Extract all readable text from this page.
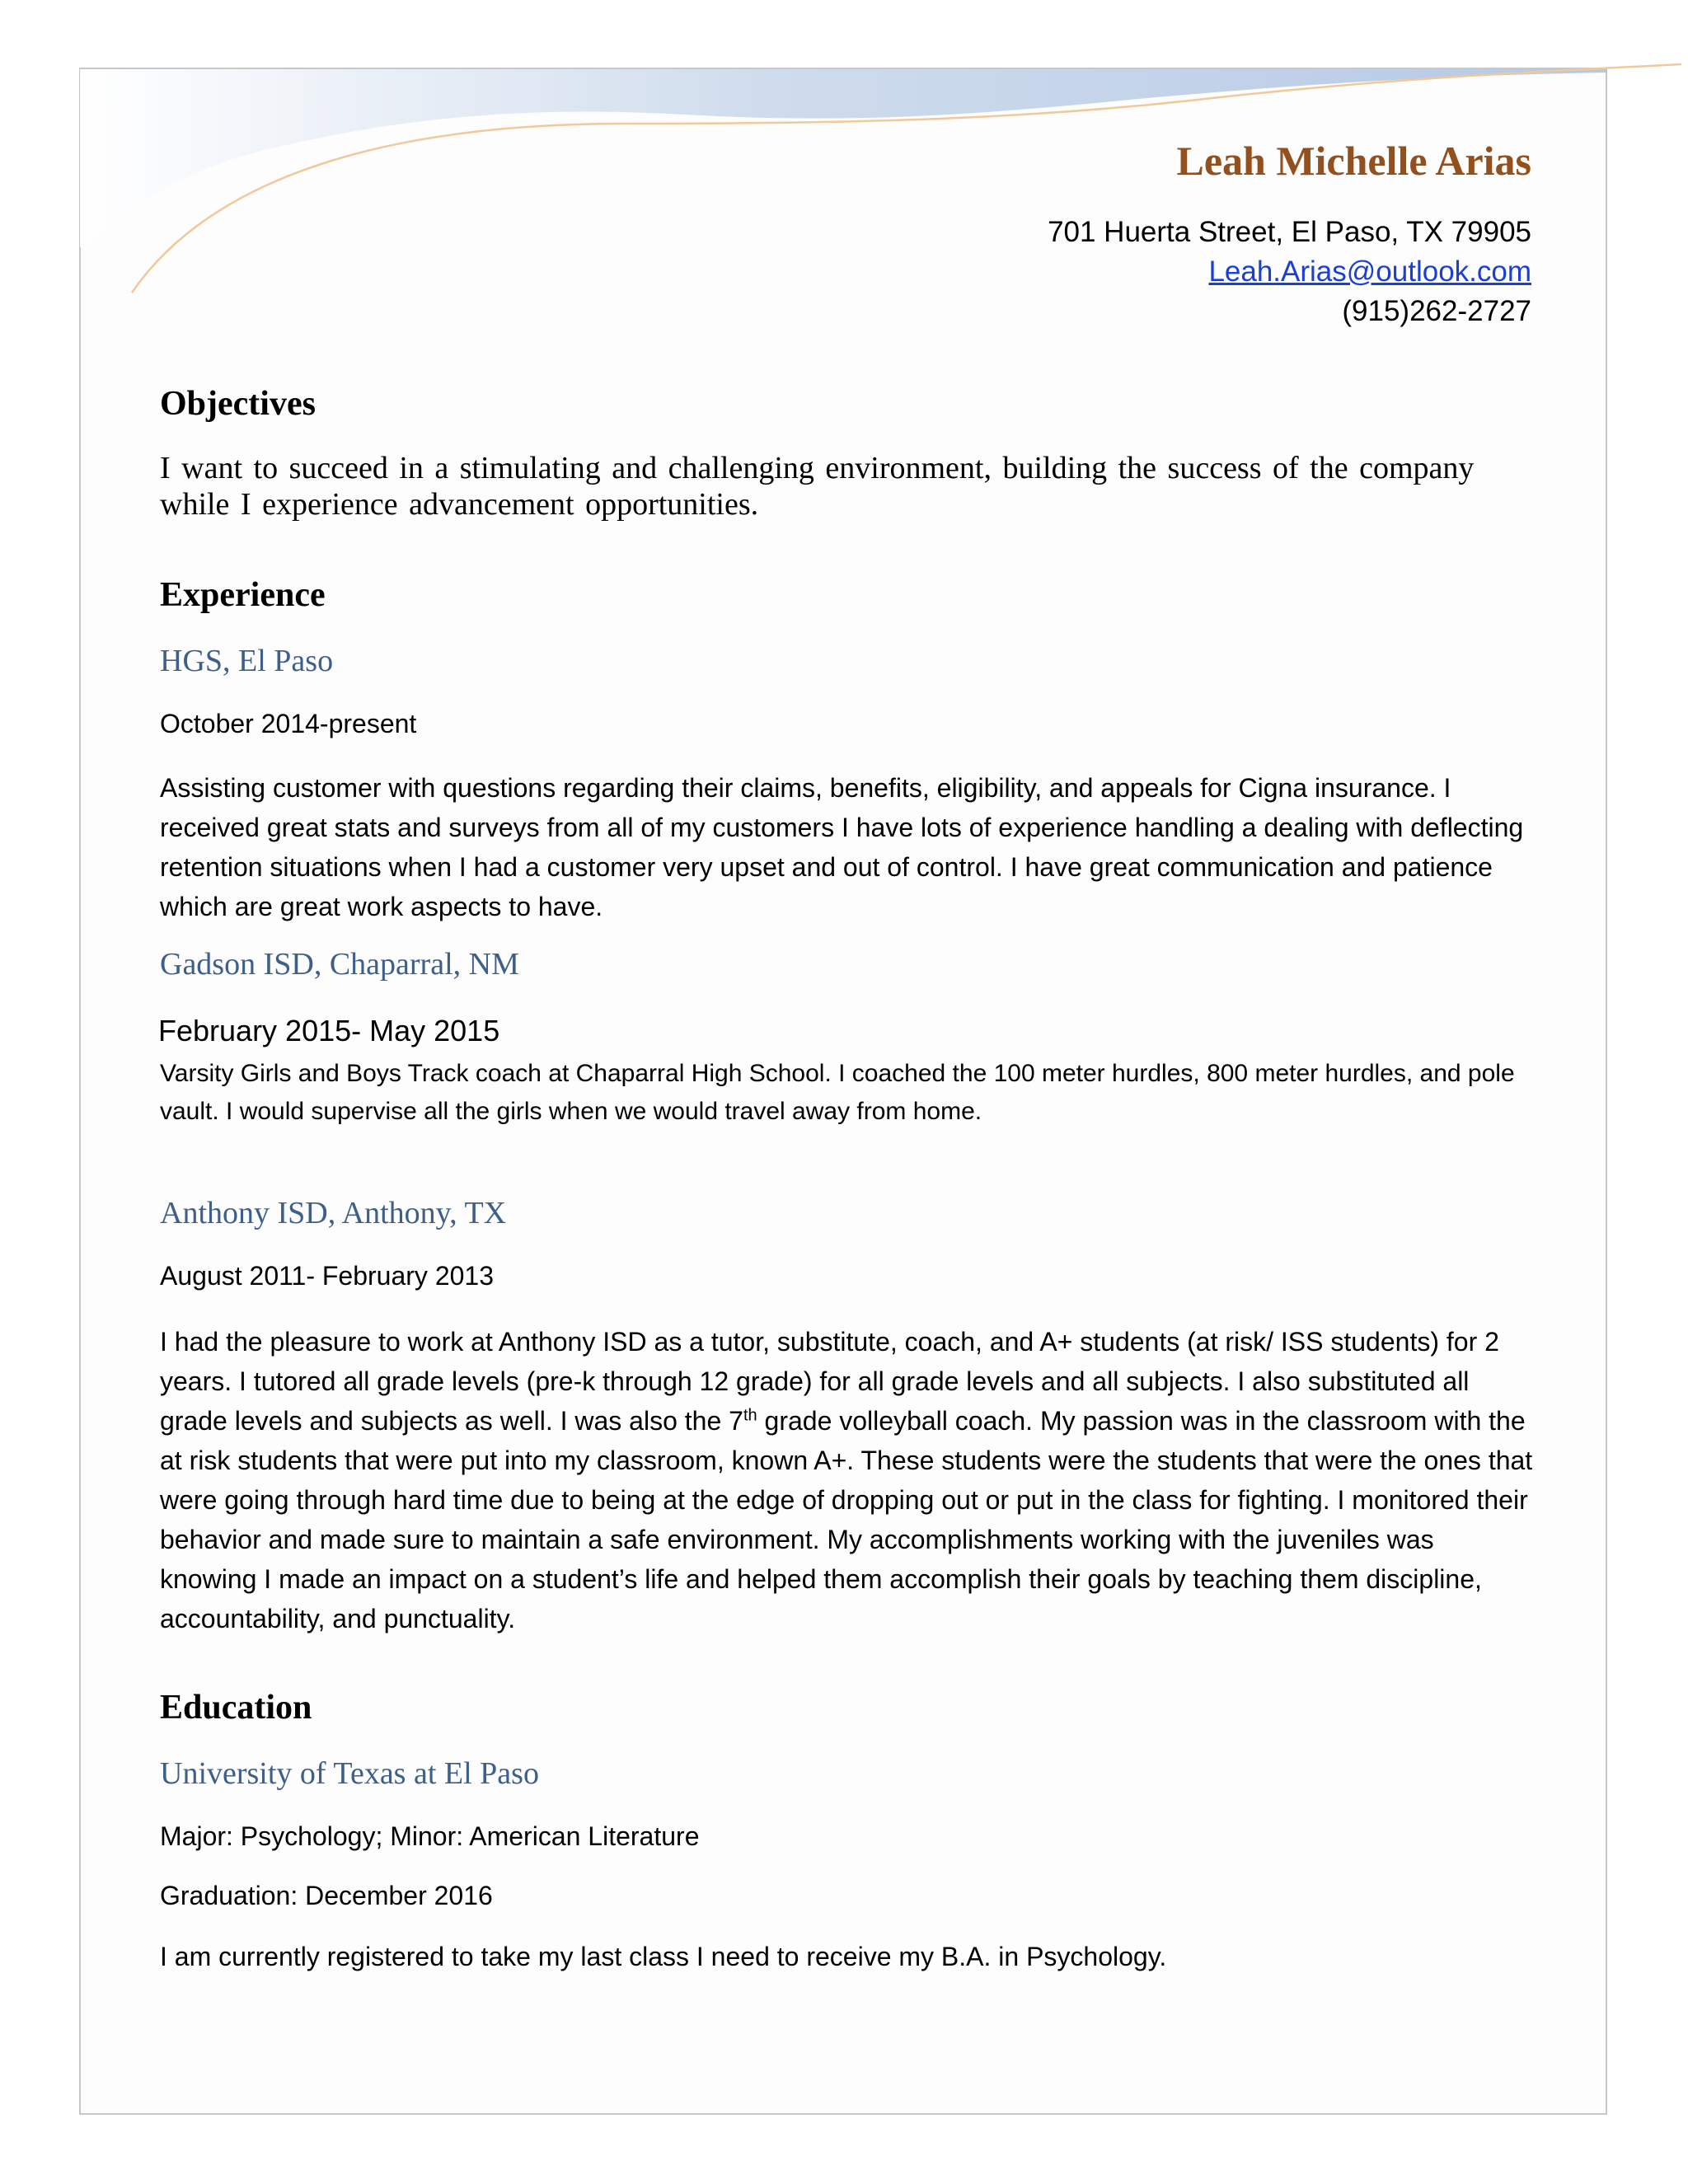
Leah Michelle Arias
701 Huerta Street, El Paso, TX 79905
Leah.Arias@outlook.com
(915)262-2727
Objectives
I want to succeed in a stimulating and challenging environment, building the success of the company while I experience advancement opportunities.
Experience
HGS, El Paso
October 2014-present
Assisting customer with questions regarding their claims, benefits, eligibility, and appeals for Cigna insurance. I received great stats and surveys from all of my customers I have lots of experience handling a dealing with deflecting retention situations when I had a customer very upset and out of control. I have great communication and patience which are great work aspects to have.
Gadson ISD, Chaparral, NM
February 2015- May 2015
Varsity Girls and Boys Track coach at Chaparral High School. I coached the 100 meter hurdles, 800 meter hurdles, and pole vault. I would supervise all the girls when we would travel away from home.
Anthony ISD, Anthony, TX
August 2011- February 2013
I had the pleasure to work at Anthony ISD as a tutor, substitute, coach, and A+ students (at risk/ ISS students) for 2 years. I tutored all grade levels (pre-k through 12 grade) for all grade levels and all subjects. I also substituted all grade levels and subjects as well. I was also the 7th grade volleyball coach. My passion was in the classroom with the at risk students that were put into my classroom, known A+. These students were the students that were the ones that were going through hard time due to being at the edge of dropping out or put in the class for fighting. I monitored their behavior and made sure to maintain a safe environment. My accomplishments working with the juveniles was knowing I made an impact on a student’s life and helped them accomplish their goals by teaching them discipline, accountability, and punctuality.
Education
University of Texas at El Paso
Major: Psychology; Minor: American Literature
Graduation: December 2016
I am currently registered to take my last class I need to receive my B.A. in Psychology.
